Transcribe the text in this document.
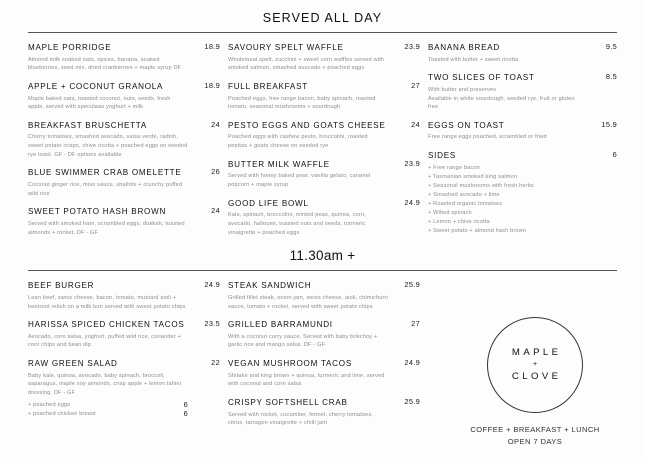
SERVED ALL DAY
MAPLE PORRIDGE
Almond milk soaked oats, spices, banana, soaked blueberries, seed mix, dried cranberries + maple syrup DF
18.9
APPLE + COCONUT GRANOLA
Maple baked oats, toasted coconut, nuts, seeds, fresh apple, served with speculaas yoghurt + milk
18.9
BREAKFAST BRUSCHETTA
Cherry tomatoes, smashed avocado, salsa verde, radish, sweet potato crisps, chive ricotta + poached eggs on seeded rye toast. GF - DF options available
24
BLUE SWIMMER CRAB OMELETTE
Coconut ginger rice, miso sauce, shallots + crunchy puffed wild rice
26
SWEET POTATO HASH BROWN
Served with smoked ham, scrambled eggs, dukkah, toasted almonds + rocket. DF - GF
24
SAVOURY SPELT WAFFLE
Wholemeal spelt, zucchini + sweet corn waffles served with smoked salmon, smashed avocado + poached eggs
23.9
FULL BREAKFAST
Poached eggs, free range bacon, baby spinach, roasted tomato, seasonal mushrooms + sourdough
27
PESTO EGGS AND GOATS CHEESE
Poached eggs with cashew pesto, broccolini, roasted pepitas + goats cheese on seeded rye
24
BUTTER MILK WAFFLE
Served with honey baked pear, vanilla gelato, caramel popcorn + maple syrup
23.9
GOOD LIFE BOWL
Kale, spinach, broccolini, minted peas, quinoa, corn, avocado, halloumi, toasted nuts and seeds, turmeric vinaigrette + poached eggs
24.9
BANANA BREAD
Toasted with butter + sweet ricotta
9.5
TWO SLICES OF TOAST
With butter and preserves
Available in white sourdough, seeded rye, fruit or gluten free
8.5
EGGS ON TOAST
Free range eggs poached, scrambled or fried
15.9
SIDES
+ Free range bacon
+ Tasmanian smoked king salmon
+ Seasonal mushrooms with fresh herbs
+ Smashed avocado + lime
+ Roasted organic tomatoes
+ Wilted spinach
+ Lemon + chive ricotta
+ Sweet potato + almond hash brown
6
11.30am +
BEEF BURGER
Lean beef, swiss cheese, bacon, tomato, mustard aioli + beetroot relish on a milk bun served with sweet potato chips
24.9
HARISSA SPICED CHICKEN TACOS
Avocado, corn salsa, yoghurt, puffed wild rice, coriander + corn chips and bean dip
23.5
RAW GREEN SALAD
Baby kale, quinoa, avocado, baby spinach, broccoli, asparagus, maple soy almonds, crisp apple + lemon tahini dressing. DF - GF
+ poached eggs	6
+ poached chicken breast	6
22
STEAK SANDWICH
Grilled fillet steak, onion jam, swiss cheese, aioli, chimichurri sauce, tomato + rocket, served with sweet potato chips
25.9
GRILLED BARRAMUNDI
With a coconut curry sauce. Served with baby bokchoy + garlic rice and mango salsa. DF - GF
27
VEGAN MUSHROOM TACOS
Shitake and king brown + quinoa, turmeric and lime, served with coconut and corn salsa
24.9
CRISPY SOFTSHELL CRAB
Served with rocket, cucumber, fennel, cherry tomatoes, citrus, tarragon vinaigrette + chilli jam
25.9
MAPLE
+
CLOVE
COFFEE + BREAKFAST + LUNCH
OPEN 7 DAYS
